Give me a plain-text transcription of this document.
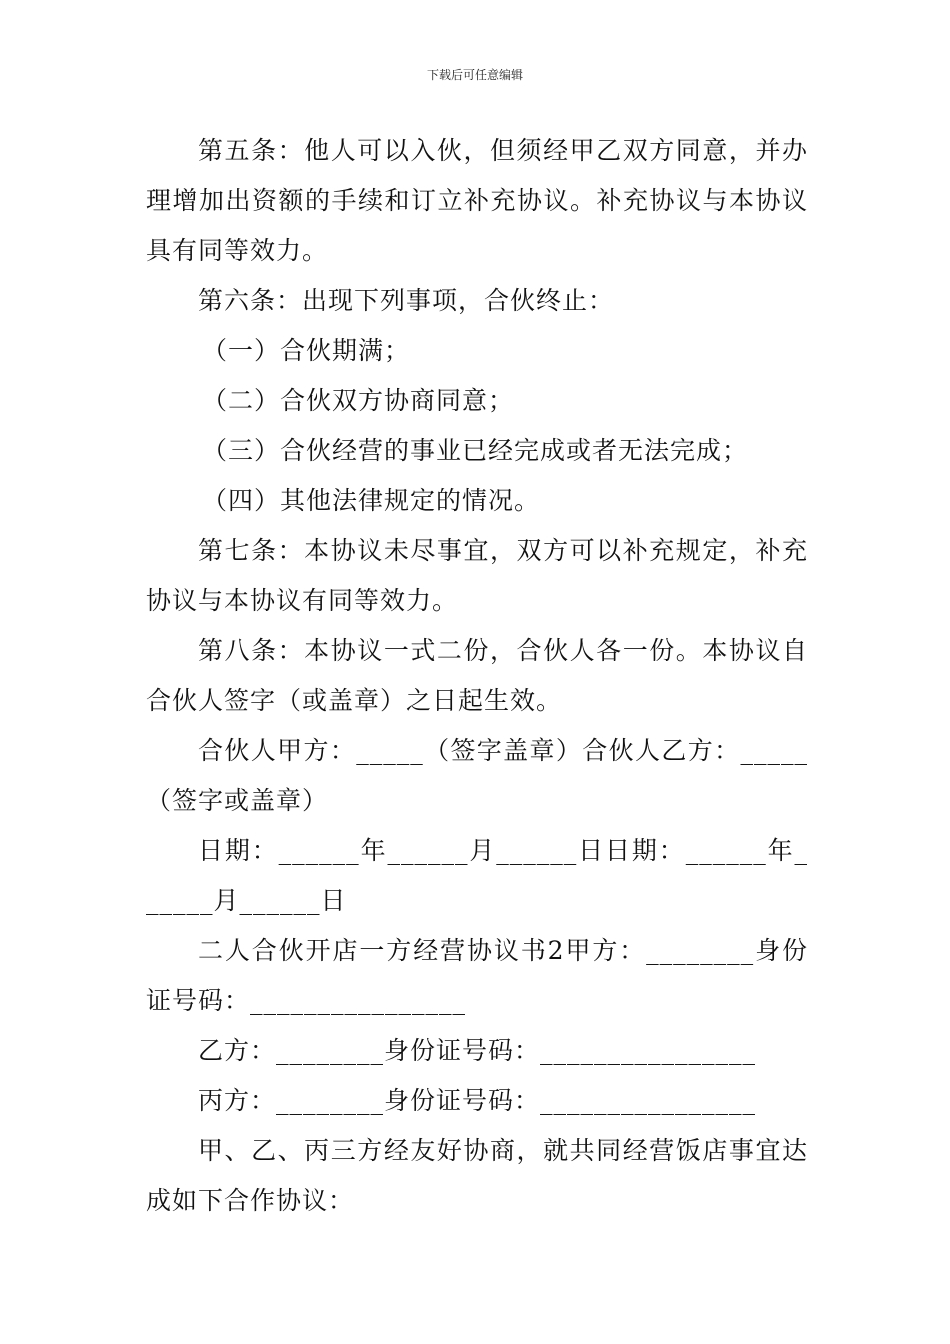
下载后可任意编辑

第五条：他人可以入伙，但须经甲乙双方同意，并办理增加出资额的手续和订立补充协议。补充协议与本协议具有同等效力。

第六条：出现下列事项，合伙终止：

（一）合伙期满；

（二）合伙双方协商同意；

（三）合伙经营的事业已经完成或者无法完成；

（四）其他法律规定的情况。

第七条：本协议未尽事宜，双方可以补充规定，补充协议与本协议有同等效力。

第八条：本协议一式二份，合伙人各一份。本协议自合伙人签字（或盖章）之日起生效。

合伙人甲方：_____（签字盖章）合伙人乙方：_____（签字或盖章）

日期：______年______月______日日期：______年______月______日

二人合伙开店一方经营协议书2甲方：________身份证号码：________________

乙方：________身份证号码：________________

丙方：________身份证号码：________________

甲、乙、丙三方经友好协商，就共同经营饭店事宜达成如下合作协议：
